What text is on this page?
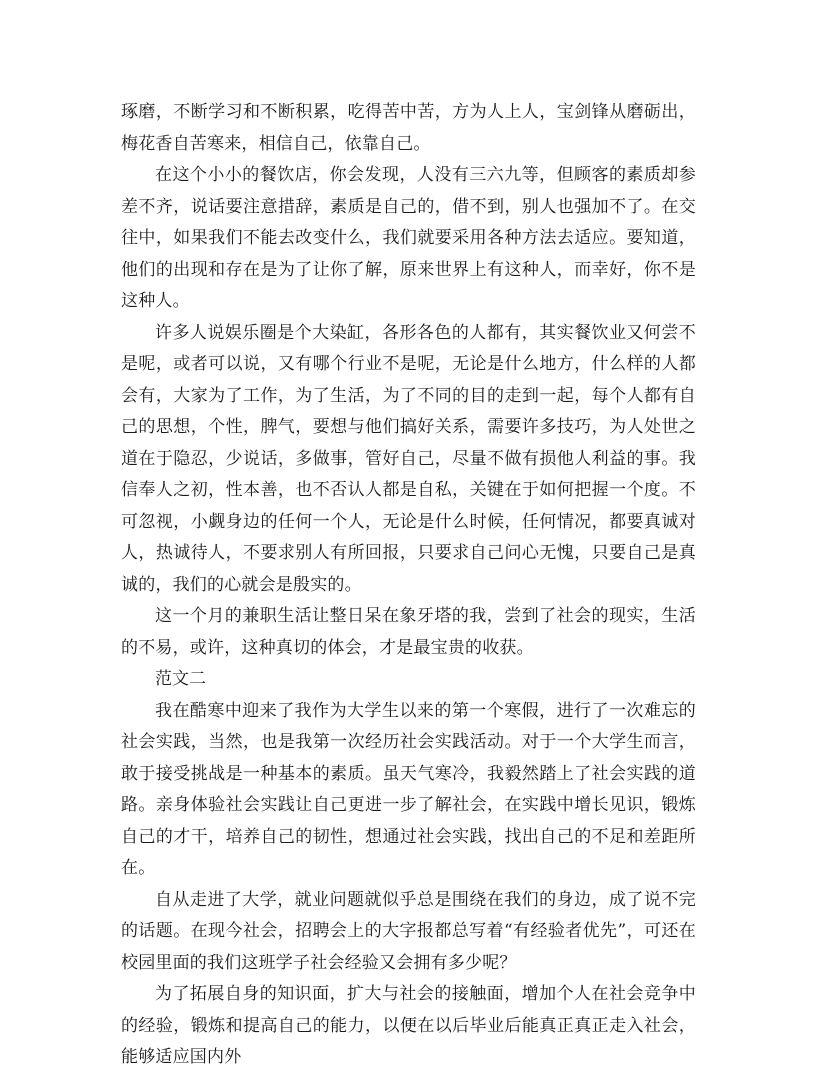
琢磨，不断学习和不断积累，吃得苦中苦，方为人上人，宝剑锋从磨砺出，梅花香自苦寒来，相信自己，依靠自己。

在这个小小的餐饮店，你会发现，人没有三六九等，但顾客的素质却参差不齐，说话要注意措辞，素质是自己的，借不到，别人也强加不了。在交往中，如果我们不能去改变什么，我们就要采用各种方法去适应。要知道，他们的出现和存在是为了让你了解，原来世界上有这种人，而幸好，你不是这种人。

许多人说娱乐圈是个大染缸，各形各色的人都有，其实餐饮业又何尝不是呢，或者可以说，又有哪个行业不是呢，无论是什么地方，什么样的人都会有，大家为了工作，为了生活，为了不同的目的走到一起，每个人都有自己的思想，个性，脾气，要想与他们搞好关系，需要许多技巧，为人处世之道在于隐忍，少说话，多做事，管好自己，尽量不做有损他人利益的事。我信奉人之初，性本善，也不否认人都是自私，关键在于如何把握一个度。不可忽视，小觑身边的任何一个人，无论是什么时候，任何情况，都要真诚对人，热诚待人，不要求别人有所回报，只要求自己问心无愧，只要自己是真诚的，我们的心就会是殷实的。

这一个月的兼职生活让整日呆在象牙塔的我，尝到了社会的现实，生活的不易，或许，这种真切的体会，才是最宝贵的收获。

范文二

我在酷寒中迎来了我作为大学生以来的第一个寒假，进行了一次难忘的社会实践，当然，也是我第一次经历社会实践活动。对于一个大学生而言，敢于接受挑战是一种基本的素质。虽天气寒冷，我毅然踏上了社会实践的道路。亲身体验社会实践让自己更进一步了解社会，在实践中增长见识，锻炼自己的才干，培养自己的韧性，想通过社会实践，找出自己的不足和差距所在。

自从走进了大学，就业问题就似乎总是围绕在我们的身边，成了说不完的话题。在现今社会，招聘会上的大字报都总写着“有经验者优先”，可还在校园里面的我们这班学子社会经验又会拥有多少呢？

为了拓展自身的知识面，扩大与社会的接触面，增加个人在社会竞争中的经验，锻炼和提高自己的能力，以便在以后毕业后能真正真正走入社会，能够适应国内外
